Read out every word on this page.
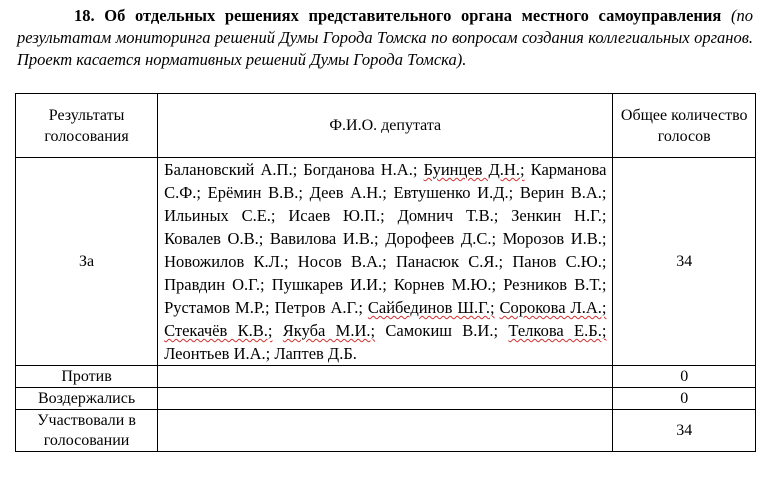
18. Об отдельных решениях представительного органа местного самоуправления (по результатам мониторинга решений Думы Города Томска по вопросам создания коллегиальных органов. Проект касается нормативных решений Думы Города Томска).

Результаты голосования	Ф.И.О. депутата	Общее количество голосов
За	Балановский А.П.; Богданова Н.А.; Буинцев Д.Н.; Карманова С.Ф.; Ерёмин В.В.; Деев А.Н.; Евтушенко И.Д.; Верин В.А.; Ильиных С.Е.; Исаев Ю.П.; Домнич Т.В.; Зенкин Н.Г.; Ковалев О.В.; Вавилова И.В.; Дорофеев Д.С.; Морозов И.В.; Новожилов К.Л.; Носов В.А.; Панасюк С.Я.; Панов С.Ю.; Правдин О.Г.; Пушкарев И.И.; Корнев М.Ю.; Резников В.Т.; Рустамов М.Р.; Петров А.Г.; Сайбединов Ш.Г.; Сорокова Л.А.; Стекачёв К.В.; Якуба М.И.; Самокиш В.И.; Телкова Е.Б.; Леонтьев И.А.; Лаптев Д.Б.	34
Против		0
Воздержались		0
Участвовали в голосовании		34
